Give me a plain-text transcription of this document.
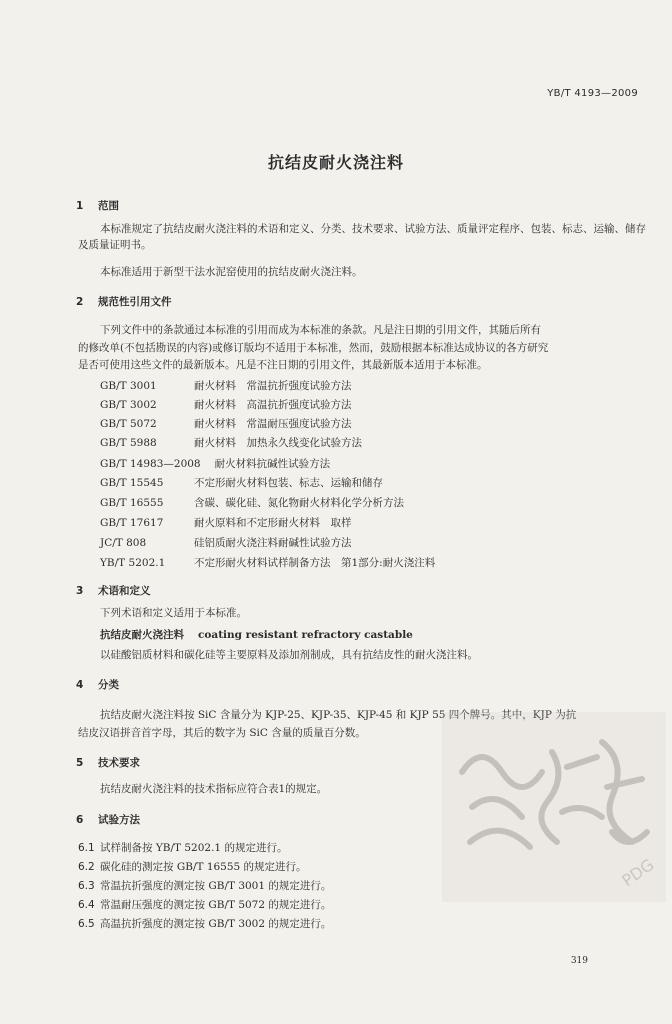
YB/T 4193—2009
抗结皮耐火浇注料
1 范围
本标准规定了抗结皮耐火浇注料的术语和定义、分类、技术要求、试验方法、质量评定程序、包装、标志、运输、储存及质量证明书。
本标准适用于新型干法水泥窑使用的抗结皮耐火浇注料。
2 规范性引用文件
下列文件中的条款通过本标准的引用而成为本标准的条款。凡是注日期的引用文件，其随后所有
的修改单(不包括勘误的内容)或修订版均不适用于本标准，然而，鼓励根据本标准达成协议的各方研究
是否可使用这些文件的最新版本。凡是不注日期的引用文件，其最新版本适用于本标准。
GB/T 3001	耐火材料　常温抗折强度试验方法
GB/T 3002	耐火材料　高温抗折强度试验方法
GB/T 5072	耐火材料　常温耐压强度试验方法
GB/T 5988	耐火材料　加热永久线变化试验方法
GB/T 14983—2008 耐火材料抗碱性试验方法
GB/T 15545	不定形耐火材料包装、标志、运输和储存
GB/T 16555	含碳、碳化硅、氮化物耐火材料化学分析方法
GB/T 17617	耐火原料和不定形耐火材料　取样
JC/T 808	硅铝质耐火浇注料耐碱性试验方法
YB/T 5202.1	不定形耐火材料试样制备方法　第1部分:耐火浇注料
3 术语和定义
下列术语和定义适用于本标准。
抗结皮耐火浇注料 coating resistant refractory castable
以硅酸铝质材料和碳化硅等主要原料及添加剂制成，具有抗结皮性的耐火浇注料。
4 分类
抗结皮耐火浇注料按 SiC 含量分为 KJP-25、KJP-35、KJP-45 和 KJP 55 四个牌号。其中，KJP 为抗
结皮汉语拼音首字母，其后的数字为 SiC 含量的质量百分数。
5 技术要求
抗结皮耐火浇注料的技术指标应符合表1的规定。
6 试验方法
6.1 试样制备按 YB/T 5202.1 的规定进行。
6.2 碳化硅的测定按 GB/T 16555 的规定进行。
6.3 常温抗折强度的测定按 GB/T 3001 的规定进行。
6.4 常温耐压强度的测定按 GB/T 5072 的规定进行。
6.5 高温抗折强度的测定按 GB/T 3002 的规定进行。
PDG
319
